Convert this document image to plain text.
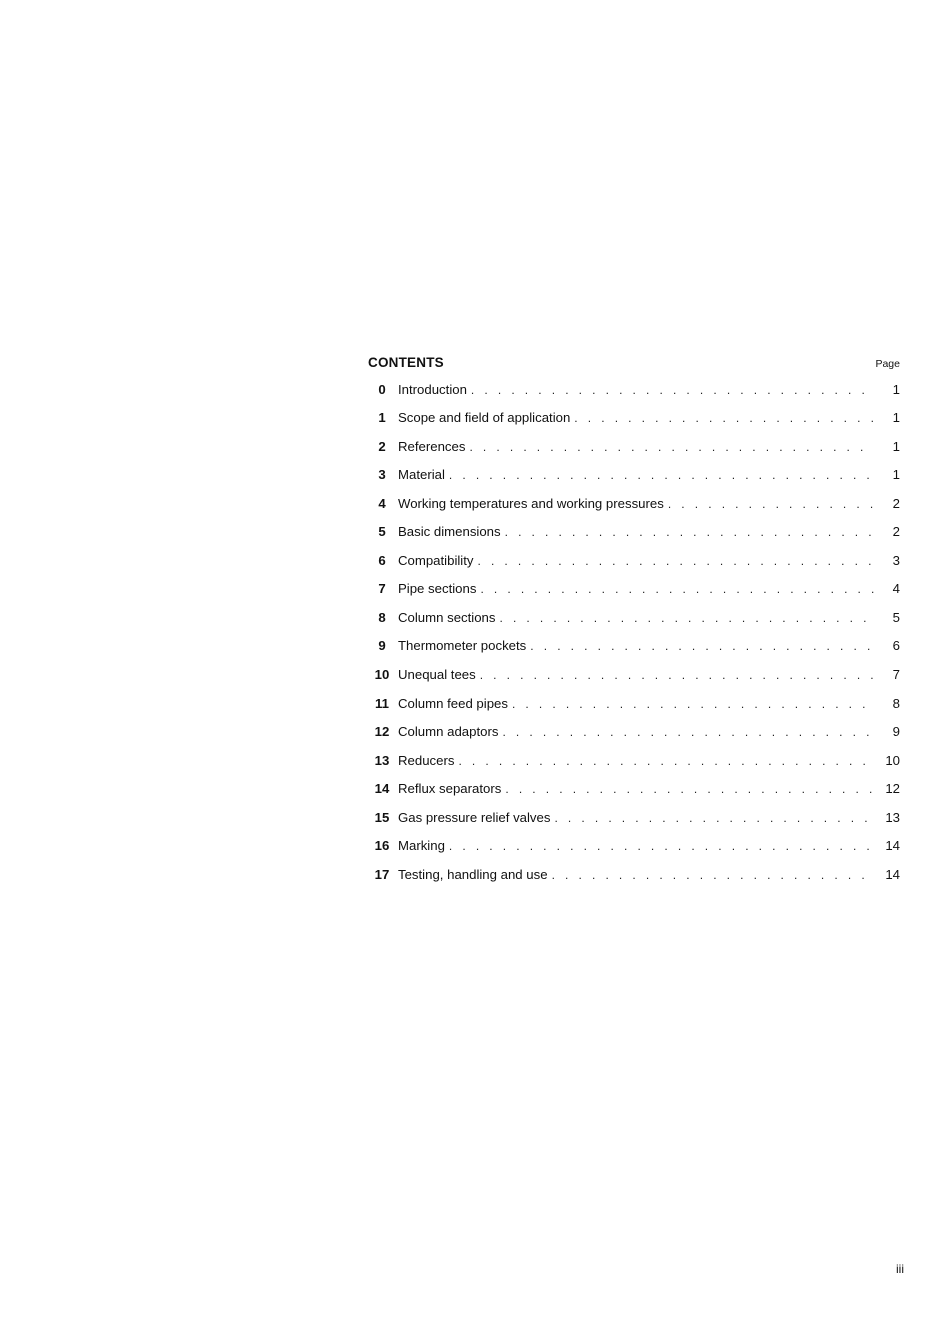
CONTENTS	Page
0 Introduction . . .	1
1 Scope and field of application . . .	1
2 References . . .	1
3 Material . . .	1
4 Working temperatures and working pressures . . .	2
5 Basic dimensions . . .	2
6 Compatibility . . .	3
7 Pipe sections . . .	4
8 Column sections . . .	5
9 Thermometer pockets . . .	6
10 Unequal tees . . .	7
11 Column feed pipes . . .	8
12 Column adaptors . . .	9
13 Reducers . . .	10
14 Reflux separators . . .	12
15 Gas pressure relief valves . . .	13
16 Marking . . .	14
17 Testing, handling and use . . .	14
iii
